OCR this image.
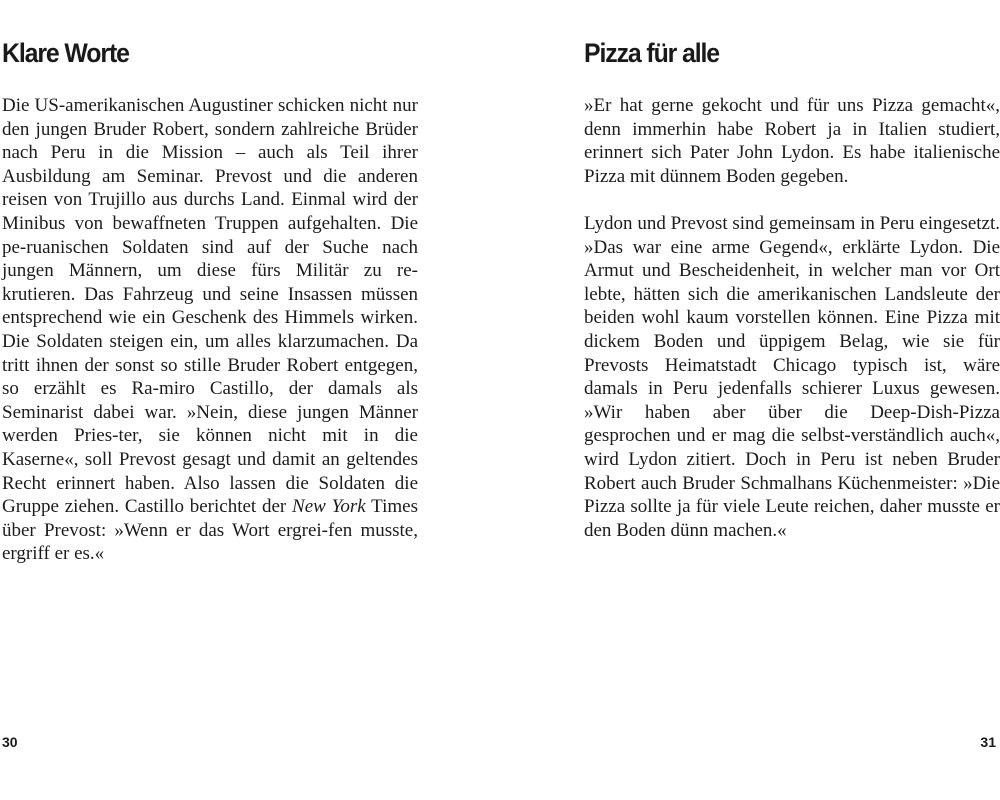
Klare Worte

Die US-amerikanischen Augustiner schicken nicht nur den jungen Bruder Robert, sondern zahlreiche Brüder nach Peru in die Mission – auch als Teil ihrer Ausbildung am Seminar. Prevost und die anderen reisen von Trujillo aus durchs Land. Einmal wird der Minibus von bewaffneten Truppen aufgehalten. Die pe-ruanischen Soldaten sind auf der Suche nach jungen Männern, um diese fürs Militär zu re-krutieren. Das Fahrzeug und seine Insassen müssen entsprechend wie ein Geschenk des Himmels wirken. Die Soldaten steigen ein, um alles klarzumachen. Da tritt ihnen der sonst so stille Bruder Robert entgegen, so erzählt es Ra-miro Castillo, der damals als Seminarist dabei war. »Nein, diese jungen Männer werden Pries-ter, sie können nicht mit in die Kaserne«, soll Prevost gesagt und damit an geltendes Recht erinnert haben. Also lassen die Soldaten die Gruppe ziehen. Castillo berichtet der New York Times über Prevost: »Wenn er das Wort ergrei-fen musste, ergriff er es.«

Pizza für alle

»Er hat gerne gekocht und für uns Pizza gemacht«, denn immerhin habe Robert ja in Italien studiert, erinnert sich Pater John Lydon. Es habe italienische Pizza mit dünnem Boden gegeben.

Lydon und Prevost sind gemeinsam in Peru eingesetzt. »Das war eine arme Gegend«, erklärte Lydon. Die Armut und Bescheidenheit, in welcher man vor Ort lebte, hätten sich die amerikanischen Landsleute der beiden wohl kaum vorstellen können. Eine Pizza mit dickem Boden und üppigem Belag, wie sie für Prevosts Heimatstadt Chicago typisch ist, wäre damals in Peru jedenfalls schierer Luxus gewesen. »Wir haben aber über die Deep-Dish-Pizza gesprochen und er mag die selbst-verständlich auch«, wird Lydon zitiert. Doch in Peru ist neben Bruder Robert auch Bruder Schmalhans Küchenmeister: »Die Pizza sollte ja für viele Leute reichen, daher musste er den Boden dünn machen.«

30	31
